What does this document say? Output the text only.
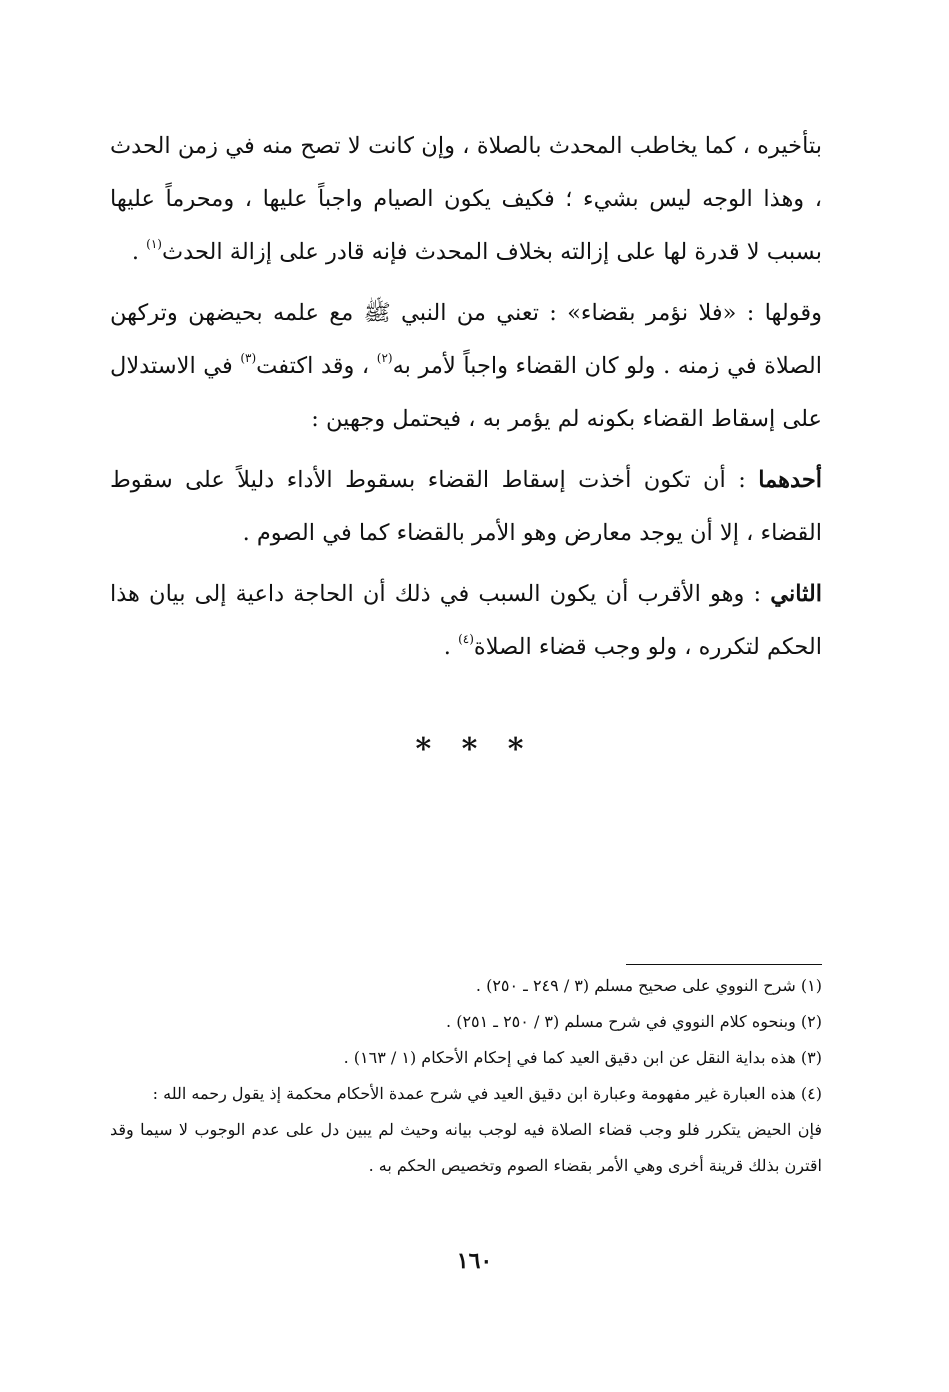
بتأخيره ، كما يخاطب المحدث بالصلاة ، وإن كانت لا تصح منه في زمن الحدث ، وهذا الوجه ليس بشيء ؛ فكيف يكون الصيام واجباً عليها ، ومحرماً عليها بسبب لا قدرة لها على إزالته بخلاف المحدث فإنه قادر على إزالة الحدث$^{(١)}$ .

وقولها : «فلا نؤمر بقضاء» : تعني من النبي ﷺ مع علمه بحيضهن وتركهن الصلاة في زمنه . ولو كان القضاء واجباً لأمر به$^{(٢)}$ ، وقد اكتفت$^{(٣)}$ في الاستدلال على إسقاط القضاء بكونه لم يؤمر به ، فيحتمل وجهين :

أحدهما : أن تكون أخذت إسقاط القضاء بسقوط الأداء دليلاً على سقوط القضاء ، إلا أن يوجد معارض وهو الأمر بالقضاء كما في الصوم .

الثاني : وهو الأقرب أن يكون السبب في ذلك أن الحاجة داعية إلى بيان هذا الحكم لتكرره ، ولو وجب قضاء الصلاة$^{(٤)}$ .

* * *

(١) شرح النووي على صحيح مسلم (٣ / ٢٤٩ ـ ٢٥٠) .

(٢) وبنحوه كلام النووي في شرح مسلم (٣ / ٢٥٠ ـ ٢٥١) .

(٣) هذه بداية النقل عن ابن دقيق العيد كما في إحكام الأحكام (١ / ١٦٣) .

(٤) هذه العبارة غير مفهومة وعبارة ابن دقيق العيد في شرح عمدة الأحكام محكمة إذ يقول رحمه الله :

فإن الحيض يتكرر فلو وجب قضاء الصلاة فيه لوجب بيانه وحيث لم يبين دل على عدم الوجوب لا سيما وقد اقترن بذلك قرينة أخرى وهي الأمر بقضاء الصوم وتخصيص الحكم به .

١٦٠
